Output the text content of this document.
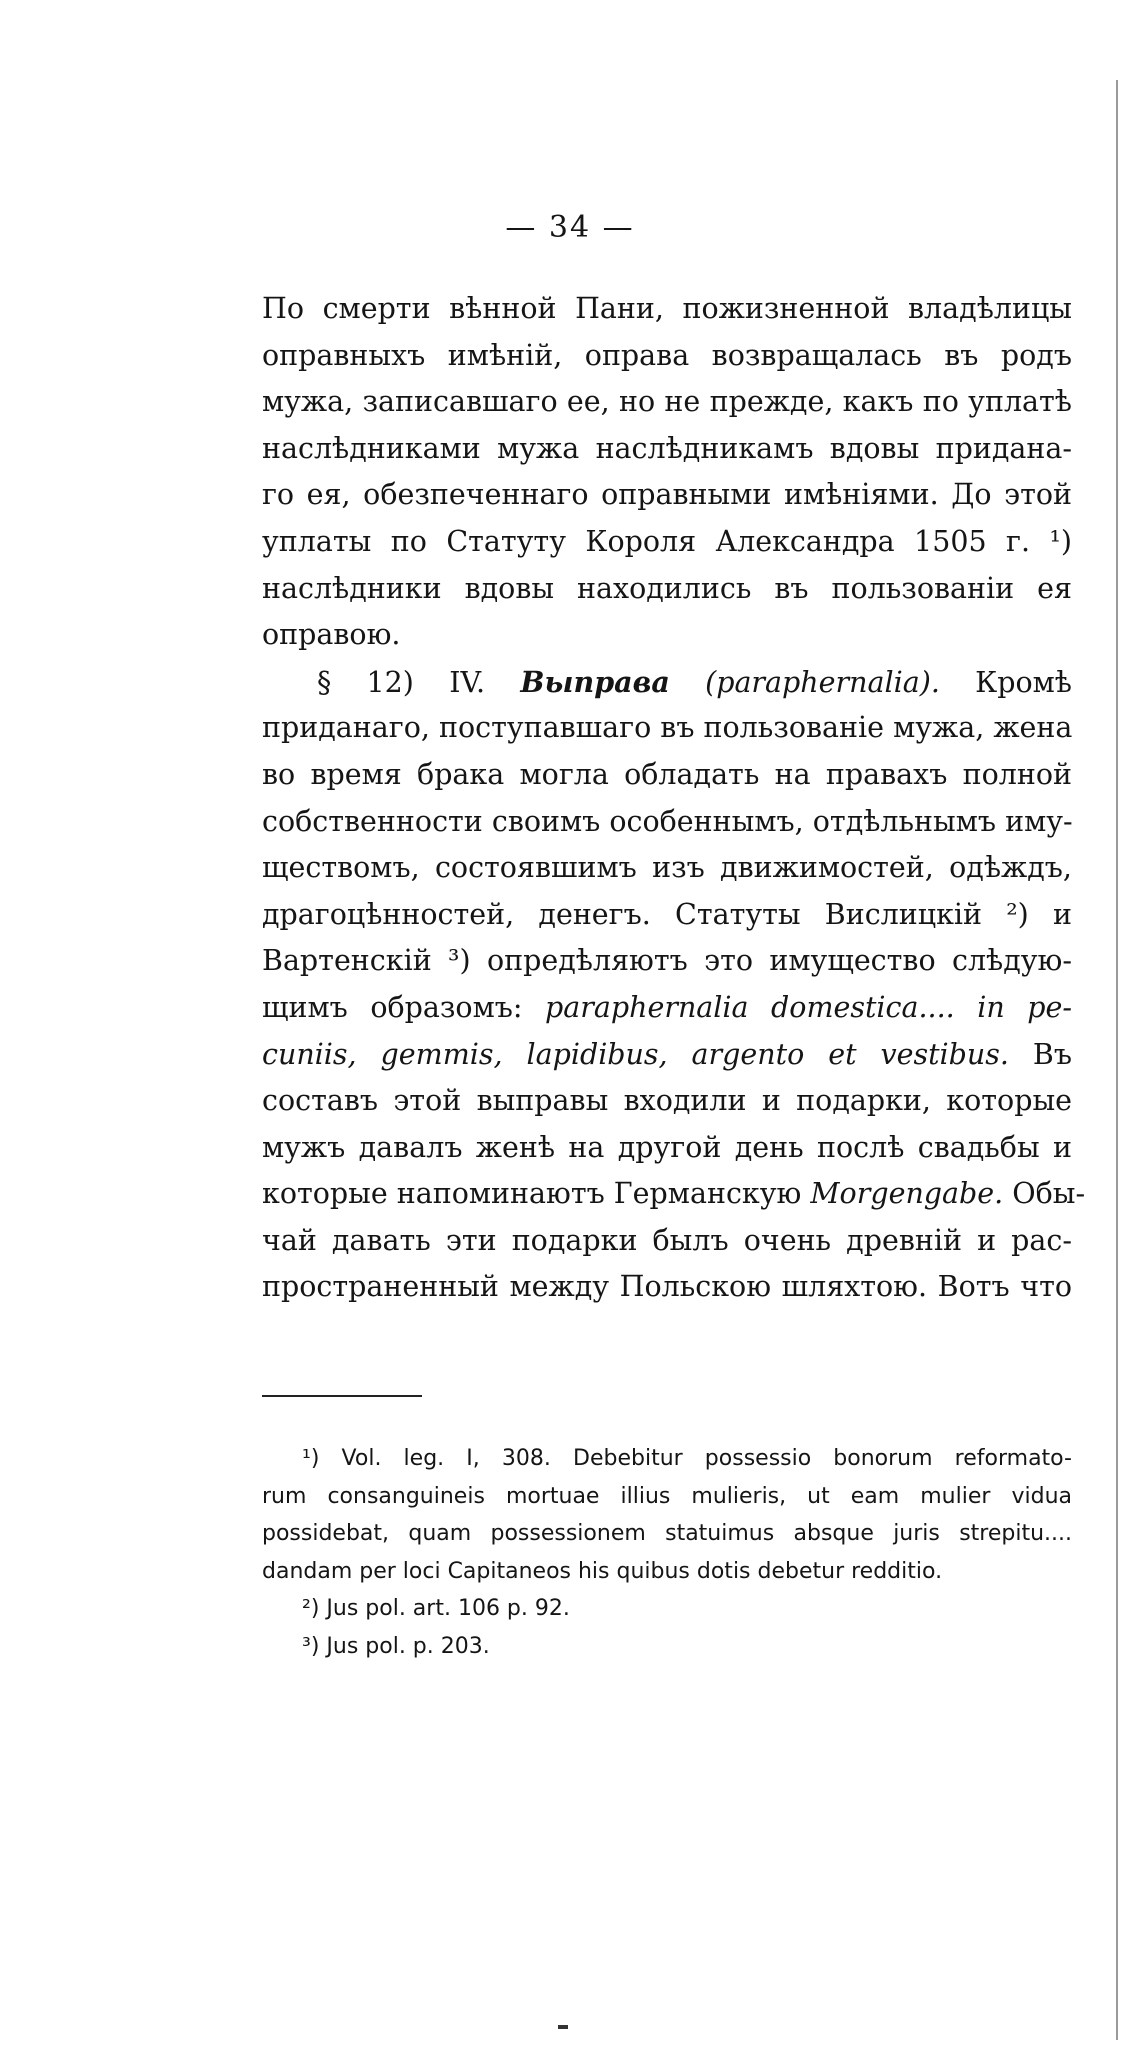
— 34 —
По смерти вѣнной Пани, пожизненной владѣлицы
оправныхъ имѣній, оправа возвращалась въ родъ
мужа, записавшаго ее, но не прежде, какъ по уплатѣ
наслѣдниками мужа наслѣдникамъ вдовы придана-
го ея, обезпеченнаго оправными имѣніями. До этой
уплаты по Статуту Короля Александра 1505 г. ¹)
наслѣдники вдовы находились въ пользованіи ея
оправою.
§ 12) IV. Выправа (paraphernalia). Кромѣ
приданаго, поступавшаго въ пользованіе мужа, жена
во время брака могла обладать на правахъ полной
собственности своимъ особеннымъ, отдѣльнымъ иму-
ществомъ, состоявшимъ изъ движимостей, одѣждъ,
драгоцѣнностей, денегъ. Статуты Вислицкій ²) и
Вартенскій ³) опредѣляютъ это имущество слѣдую-
щимъ образомъ: paraphernalia domestica.... in pe-
cuniis, gemmis, lapidibus, argento et vestibus. Въ
составъ этой выправы входили и подарки, которые
мужъ давалъ женѣ на другой день послѣ свадьбы и
которые напоминаютъ Германскую Morgengabe. Обы-
чай давать эти подарки былъ очень древній и рас-
пространенный между Польскою шляхтою. Вотъ что
¹) Vol. leg. I, 308. Debebitur possessio bonorum reformato-
rum consanguineis mortuae illius mulieris, ut eam mulier vidua
possidebat, quam possessionem statuimus absque juris strepitu....
dandam per loci Capitaneos his quibus dotis debetur redditio.
²) Jus pol. art. 106 p. 92.
³) Jus pol. p. 203.
